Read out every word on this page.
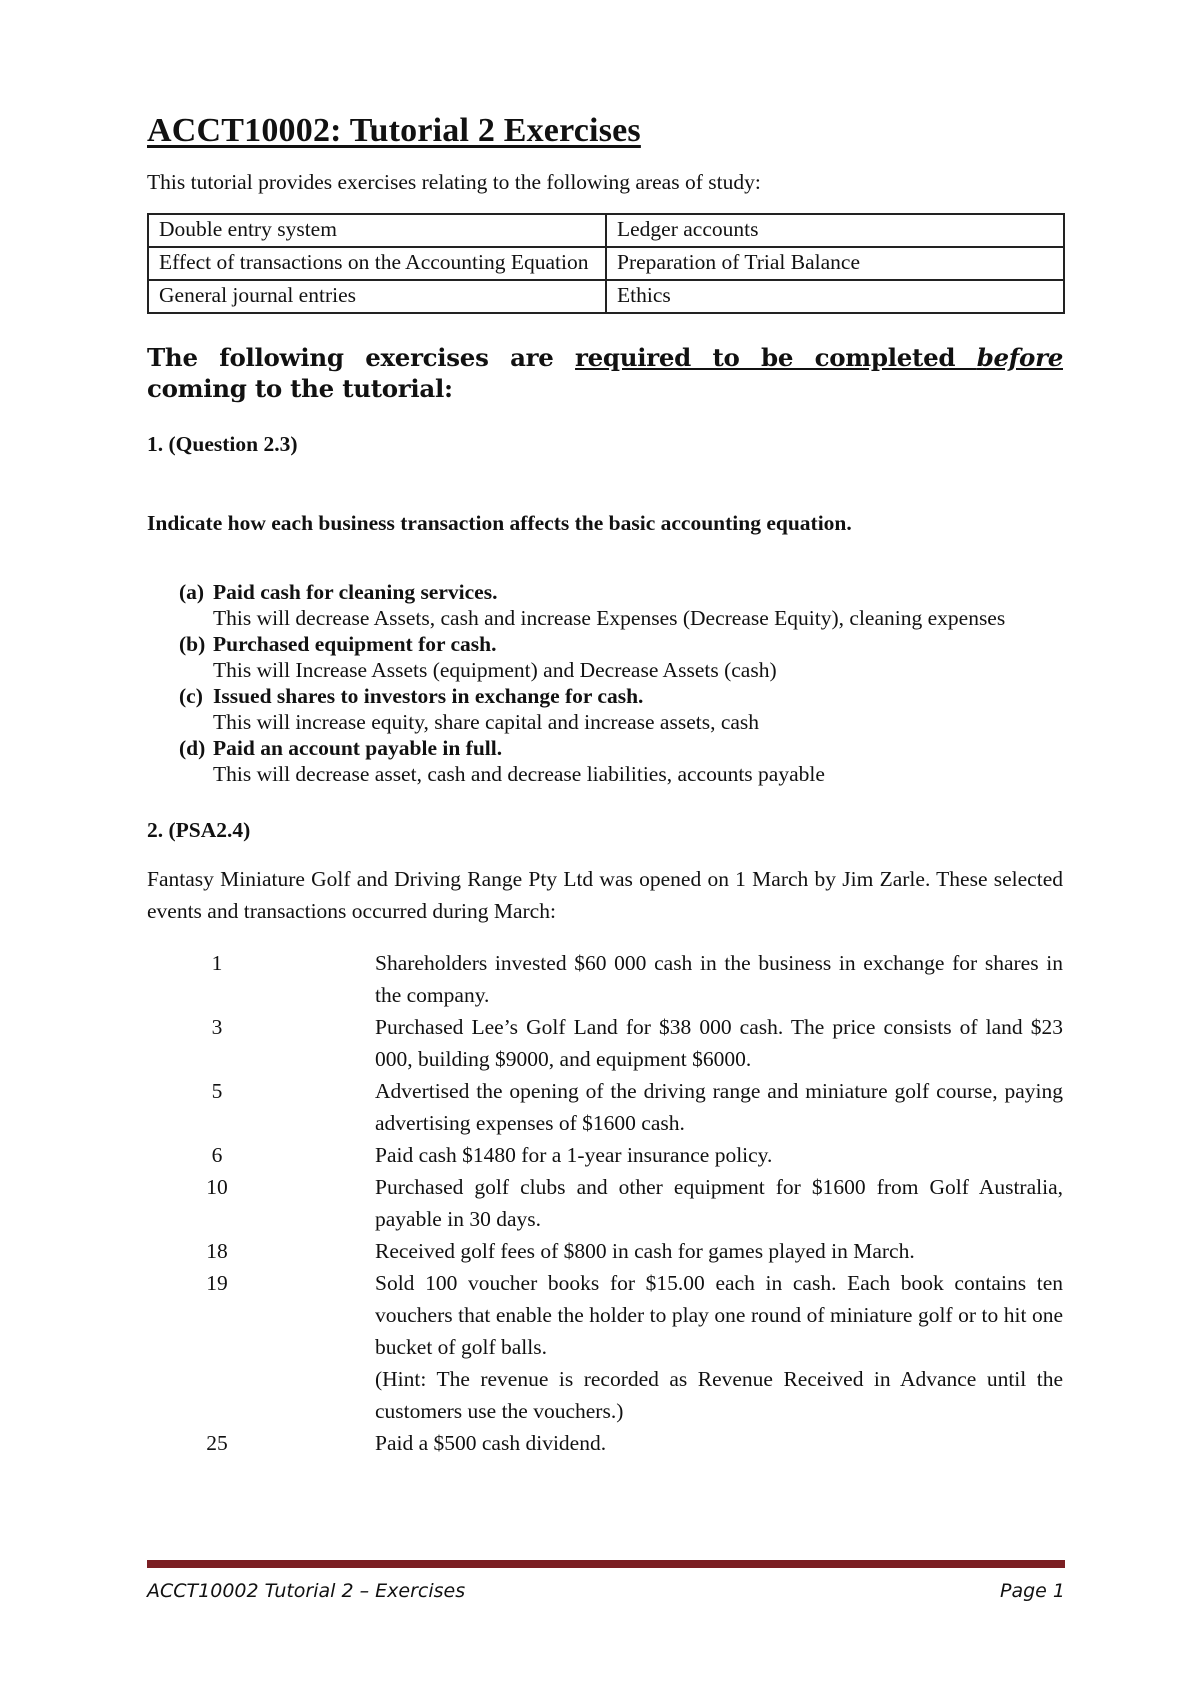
ACCT10002: Tutorial 2 Exercises
This tutorial provides exercises relating to the following areas of study:
Double entry system	Ledger accounts
Effect of transactions on the Accounting Equation	Preparation of Trial Balance
General journal entries	Ethics
The following exercises are required to be completed before coming to the tutorial:
1. (Question 2.3)
Indicate how each business transaction affects the basic accounting equation.
(a) Paid cash for cleaning services.
This will decrease Assets, cash and increase Expenses (Decrease Equity), cleaning expenses
(b) Purchased equipment for cash.
This will Increase Assets (equipment) and Decrease Assets (cash)
(c) Issued shares to investors in exchange for cash.
This will increase equity, share capital and increase assets, cash
(d) Paid an account payable in full.
This will decrease asset, cash and decrease liabilities, accounts payable
2. (PSA2.4)
Fantasy Miniature Golf and Driving Range Pty Ltd was opened on 1 March by Jim Zarle. These selected events and transactions occurred during March:
1	Shareholders invested $60 000 cash in the business in exchange for shares in the company.
3	Purchased Lee’s Golf Land for $38 000 cash. The price consists of land $23 000, building $9000, and equipment $6000.
5	Advertised the opening of the driving range and miniature golf course, paying advertising expenses of $1600 cash.
6	Paid cash $1480 for a 1-year insurance policy.
10	Purchased golf clubs and other equipment for $1600 from Golf Australia, payable in 30 days.
18	Received golf fees of $800 in cash for games played in March.
19	Sold 100 voucher books for $15.00 each in cash. Each book contains ten vouchers that enable the holder to play one round of miniature golf or to hit one bucket of golf balls.
(Hint: The revenue is recorded as Revenue Received in Advance until the customers use the vouchers.)
25	Paid a $500 cash dividend.
ACCT10002 Tutorial 2 – Exercises	Page 1
